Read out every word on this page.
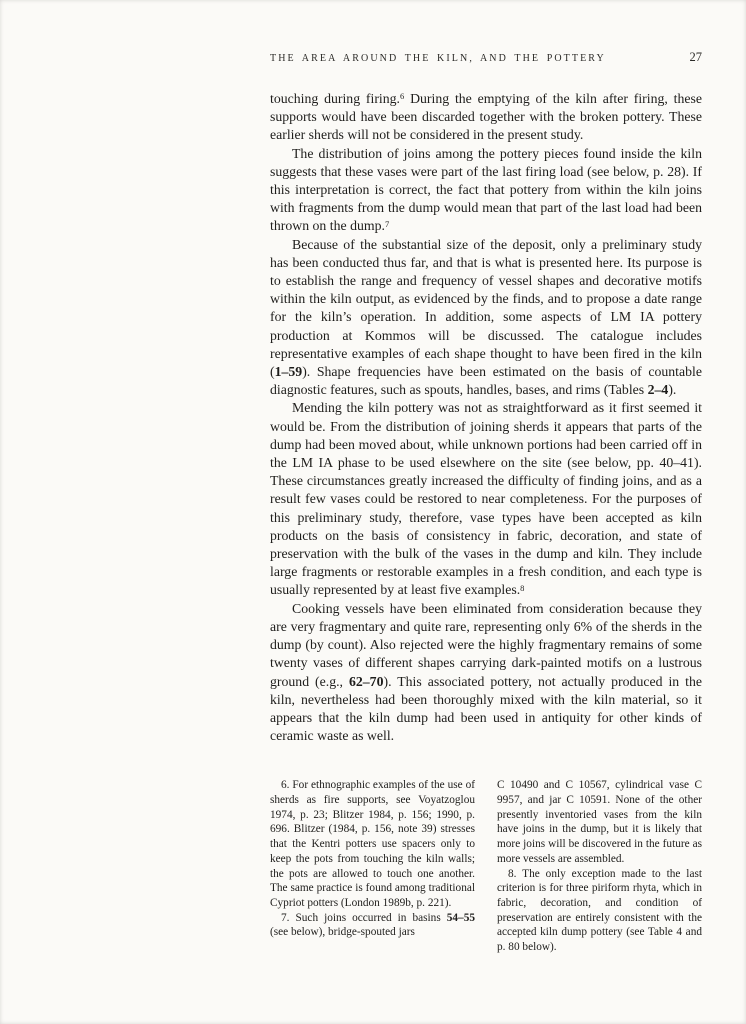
THE AREA AROUND THE KILN, AND THE POTTERY	27

touching during firing.$^6$ During the emptying of the kiln after firing, these supports would have been discarded together with the broken pottery. These earlier sherds will not be considered in the present study.

The distribution of joins among the pottery pieces found inside the kiln suggests that these vases were part of the last firing load (see below, p. 28). If this interpretation is correct, the fact that pottery from within the kiln joins with fragments from the dump would mean that part of the last load had been thrown on the dump.$^7$

Because of the substantial size of the deposit, only a preliminary study has been conducted thus far, and that is what is presented here. Its purpose is to establish the range and frequency of vessel shapes and decorative motifs within the kiln output, as evidenced by the finds, and to propose a date range for the kiln’s operation. In addition, some aspects of LM IA pottery production at Kommos will be discussed. The catalogue includes representative examples of each shape thought to have been fired in the kiln (1–59). Shape frequencies have been estimated on the basis of countable diagnostic features, such as spouts, handles, bases, and rims (Tables 2–4).

Mending the kiln pottery was not as straightforward as it first seemed it would be. From the distribution of joining sherds it appears that parts of the dump had been moved about, while unknown portions had been carried off in the LM IA phase to be used elsewhere on the site (see below, pp. 40–41). These circumstances greatly increased the difficulty of finding joins, and as a result few vases could be restored to near completeness. For the purposes of this preliminary study, therefore, vase types have been accepted as kiln products on the basis of consistency in fabric, decoration, and state of preservation with the bulk of the vases in the dump and kiln. They include large fragments or restorable examples in a fresh condition, and each type is usually represented by at least five examples.$^8$

Cooking vessels have been eliminated from consideration because they are very fragmentary and quite rare, representing only 6% of the sherds in the dump (by count). Also rejected were the highly fragmentary remains of some twenty vases of different shapes carrying dark-painted motifs on a lustrous ground (e.g., 62–70). This associated pottery, not actually produced in the kiln, nevertheless had been thoroughly mixed with the kiln material, so it appears that the kiln dump had been used in antiquity for other kinds of ceramic waste as well.

6. For ethnographic examples of the use of sherds as fire supports, see Voyatzoglou 1974, p. 23; Blitzer 1984, p. 156; 1990, p. 696. Blitzer (1984, p. 156, note 39) stresses that the Kentri potters use spacers only to keep the pots from touching the kiln walls; the pots are allowed to touch one another. The same practice is found among traditional Cypriot potters (London 1989b, p. 221).

7. Such joins occurred in basins 54–55 (see below), bridge-spouted jars

C 10490 and C 10567, cylindrical vase C 9957, and jar C 10591. None of the other presently inventoried vases from the kiln have joins in the dump, but it is likely that more joins will be discovered in the future as more vessels are assembled.

8. The only exception made to the last criterion is for three piriform rhyta, which in fabric, decoration, and condition of preservation are entirely consistent with the accepted kiln dump pottery (see Table 4 and p. 80 below).
